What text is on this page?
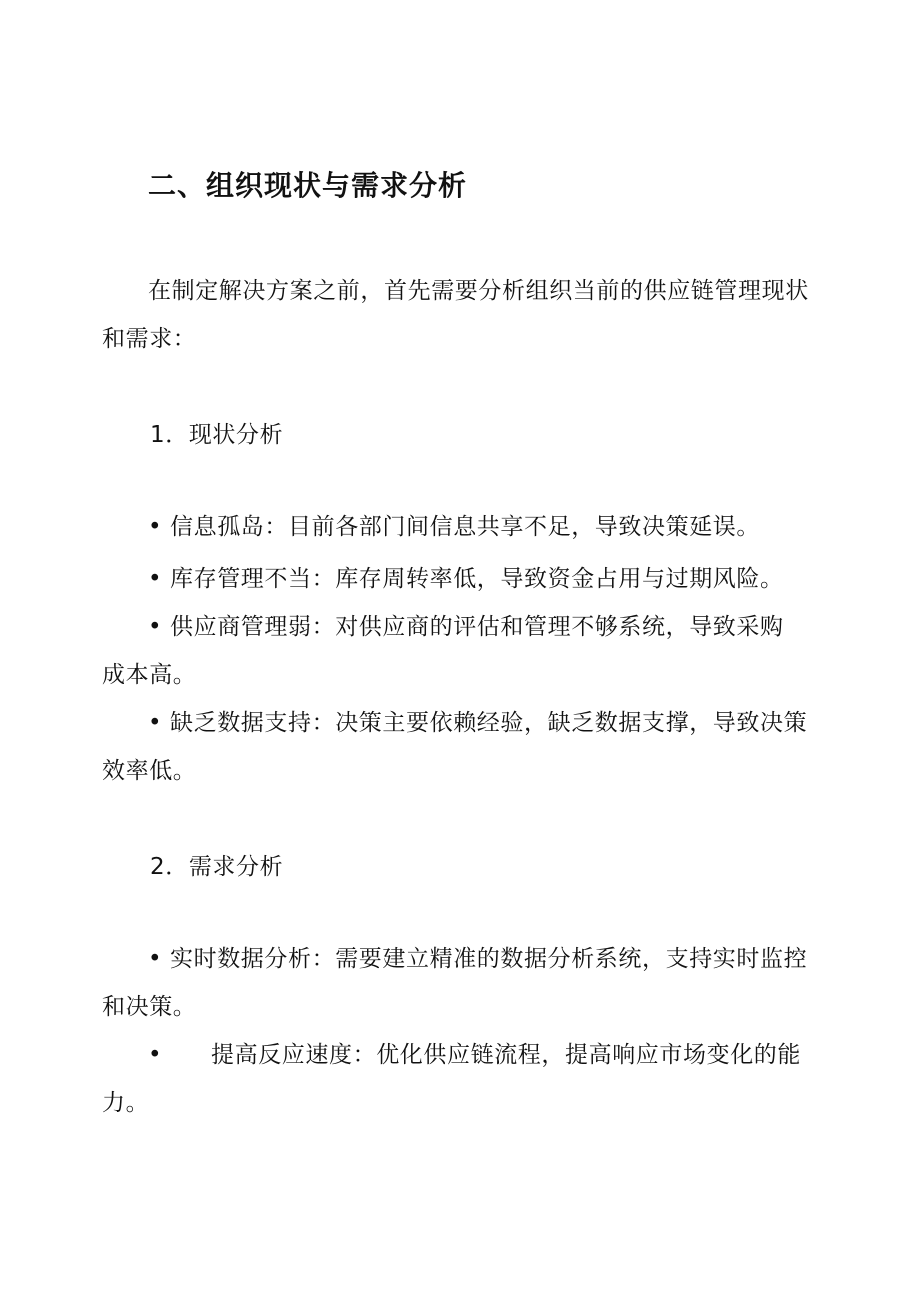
二、组织现状与需求分析
在制定解决方案之前，首先需要分析组织当前的供应链管理现状
和需求：
1．现状分析
• 信息孤岛：目前各部门间信息共享不足，导致决策延误。
• 库存管理不当：库存周转率低，导致资金占用与过期风险。
• 供应商管理弱：对供应商的评估和管理不够系统，导致采购
成本高。
• 缺乏数据支持：决策主要依赖经验，缺乏数据支撑，导致决策
效率低。
2．需求分析
• 实时数据分析：需要建立精准的数据分析系统，支持实时监控
和决策。
• 提高反应速度：优化供应链流程，提高响应市场变化的能
力。
